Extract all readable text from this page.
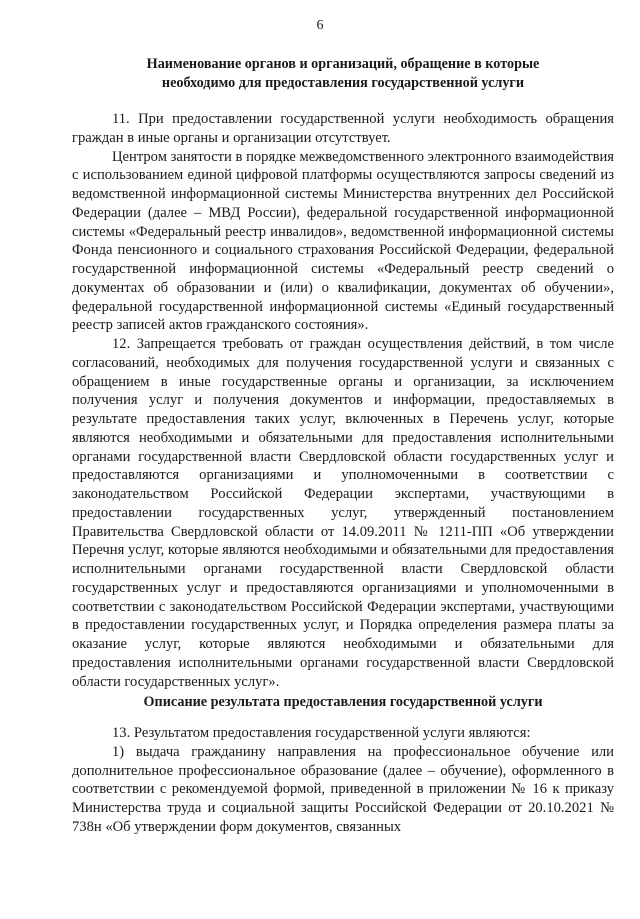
6
Наименование органов и организаций, обращение в которые
необходимо для предоставления государственной услуги

11. При предоставлении государственной услуги необходимость обращения граждан в иные органы и организации отсутствует.

Центром занятости в порядке межведомственного электронного взаимодействия с использованием единой цифровой платформы осуществляются запросы сведений из ведомственной информационной системы Министерства внутренних дел Российской Федерации (далее – МВД России), федеральной государственной информационной системы «Федеральный реестр инвалидов», ведомственной информационной системы Фонда пенсионного и социального страхования Российской Федерации, федеральной государственной информационной системы «Федеральный реестр сведений о документах об образовании и (или) о квалификации, документах об обучении», федеральной государственной информационной системы «Единый государственный реестр записей актов гражданского состояния».

12. Запрещается требовать от граждан осуществления действий, в том числе согласований, необходимых для получения государственной услуги и связанных с обращением в иные государственные органы и организации, за исключением получения услуг и получения документов и информации, предоставляемых в результате предоставления таких услуг, включенных в Перечень услуг, которые являются необходимыми и обязательными для предоставления исполнительными органами государственной власти Свердловской области государственных услуг и предоставляются организациями и уполномоченными в соответствии с законодательством Российской Федерации экспертами, участвующими в предоставлении государственных услуг, утвержденный постановлением Правительства Свердловской области от 14.09.2011 № 1211-ПП «Об утверждении Перечня услуг, которые являются необходимыми и обязательными для предоставления исполнительными органами государственной власти Свердловской области государственных услуг и предоставляются организациями и уполномоченными в соответствии с законодательством Российской Федерации экспертами, участвующими в предоставлении государственных услуг, и Порядка определения размера платы за оказание услуг, которые являются необходимыми и обязательными для предоставления исполнительными органами государственной власти Свердловской области государственных услуг».

Описание результата предоставления государственной услуги

13. Результатом предоставления государственной услуги являются:

1) выдача гражданину направления на профессиональное обучение или дополнительное профессиональное образование (далее – обучение), оформленного в соответствии с рекомендуемой формой, приведенной в приложении № 16 к приказу Министерства труда и социальной защиты Российской Федерации от 20.10.2021 № 738н «Об утверждении форм документов, связанных
